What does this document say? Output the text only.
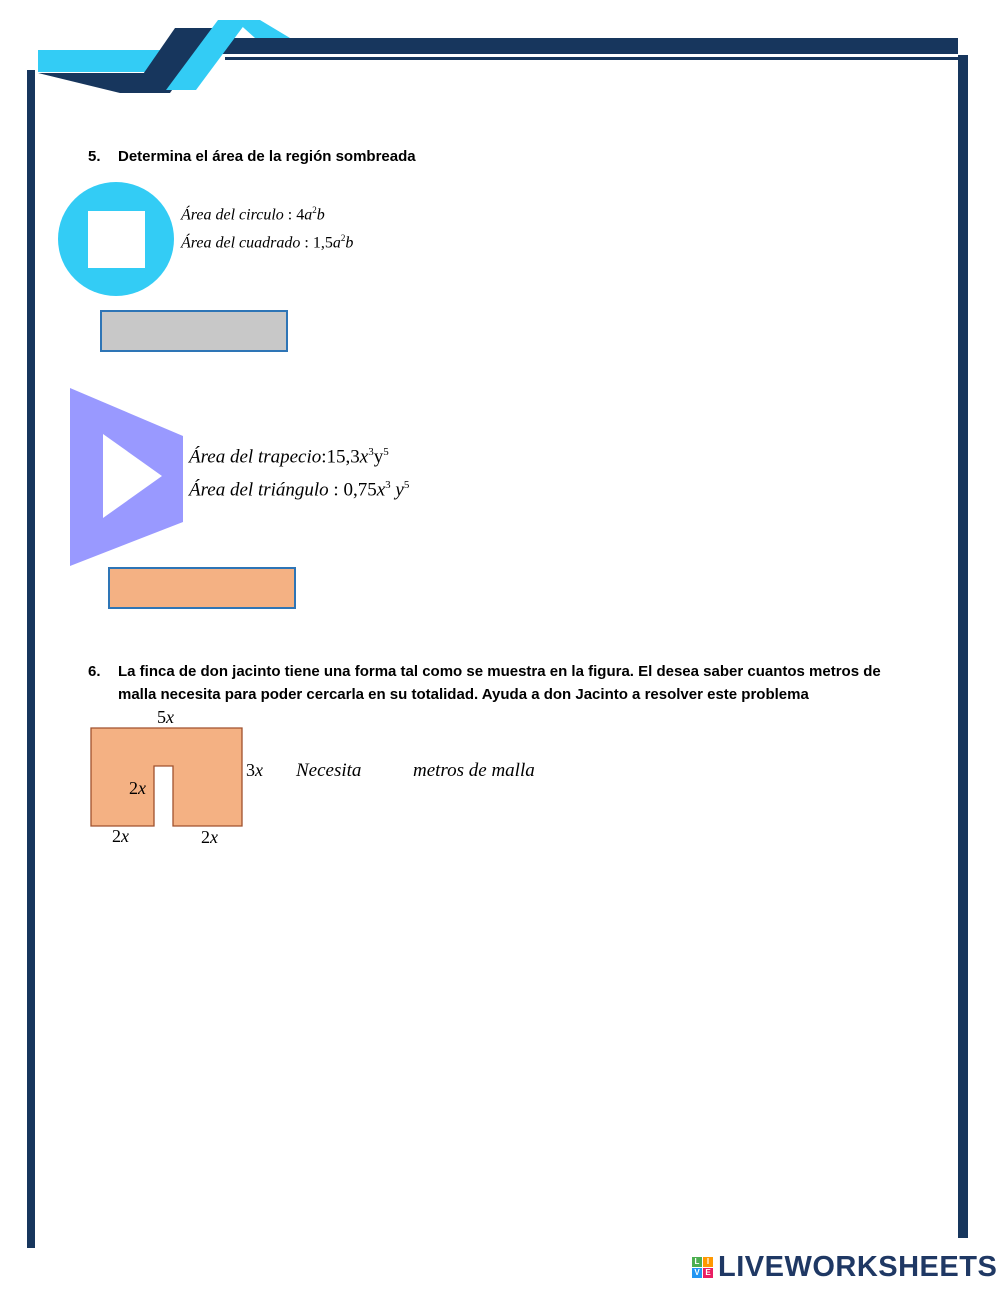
5. Determina el área de la región sombreada
Área del circulo : $4a^2b$
Área del cuadrado : $1,5a^2b$
Área del $trapecio:15,3x^3y^5$
Área del triángulo : $0,75x^3$ $y^5$
6. La finca de don jacinto tiene una forma tal como se muestra en la figura. El desea saber cuantos metros de
malla necesita para poder cercarla en su totalidad. Ayuda a don Jacinto a resolver este problema
5x
3x
2x
2x	2x
Necesita	metros de malla
L I
V E LIVEWORKSHEETS
